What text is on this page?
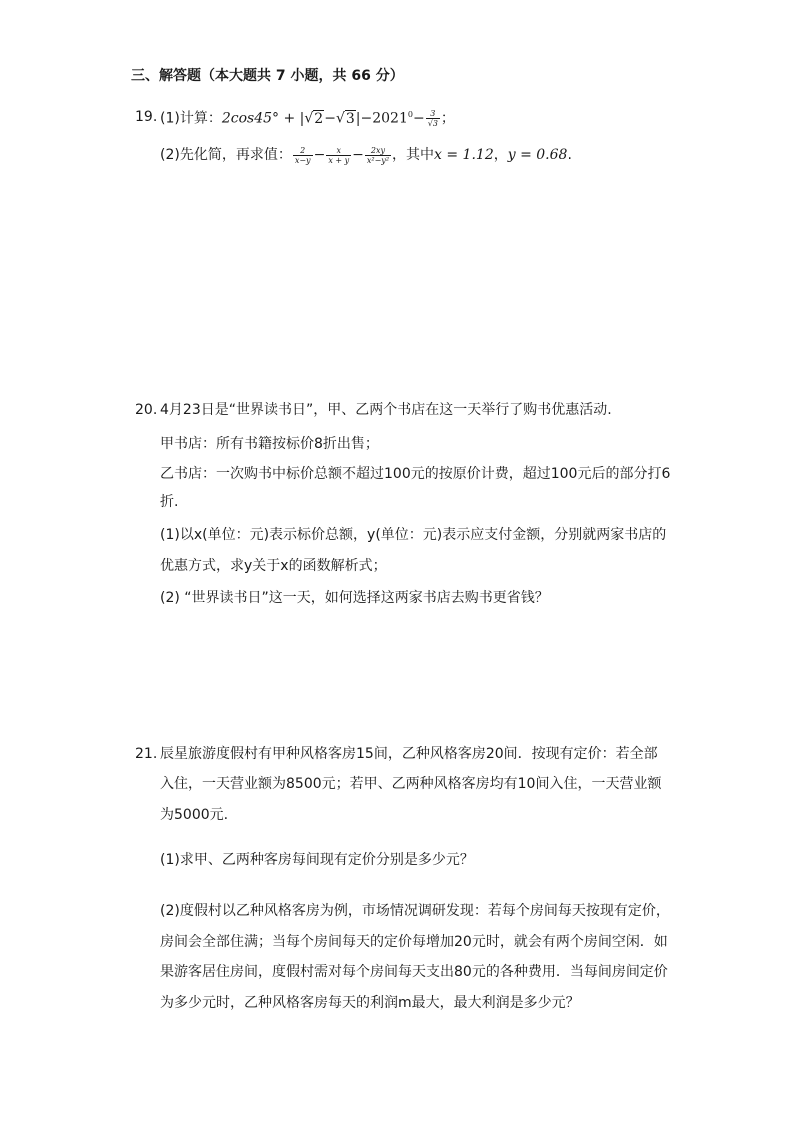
三、解答题（本大题共 7 小题，共 66 分）
19. (1)计算：$2\cos 45^\circ + |√2-√3|-2021^0- \frac{3}{√3}$ ；
(2)先化简，再求值： $\frac{2}{x-y} - \frac{x}{x + y} - \frac{2xy}{\text{x²−y²}}$ ，其中x = 1.12，y = 0.68.
20. 4月23日是“世界读书日”，甲、乙两个书店在这一天举行了购书优惠活动.
甲书店：所有书籍按标价8折出售；
乙书店：一次购书中标价总额不超过100元的按原价计费，超过100元后的部分打6
折.
(1)以x(单位：元)表示标价总额，y(单位：元)表示应支付金额，分别就两家书店的
优惠方式，求y关于x的函数解析式；
(2) “世界读书日”这一天，如何选择这两家书店去购书更省钱？
21. 辰星旅游度假村有甲种风格客房15间，乙种风格客房20间．按现有定价：若全部
入住，一天营业额为8500元；若甲、乙两种风格客房均有10间入住，一天营业额
为5000元.
(1)求甲、乙两种客房每间现有定价分别是多少元？
(2)度假村以乙种风格客房为例，市场情况调研发现：若每个房间每天按现有定价，
房间会全部住满；当每个房间每天的定价每增加20元时，就会有两个房间空闲．如
果游客居住房间，度假村需对每个房间每天支出80元的各种费用．当每间房间定价
为多少元时，乙种风格客房每天的利润m最大，最大利润是多少元？
